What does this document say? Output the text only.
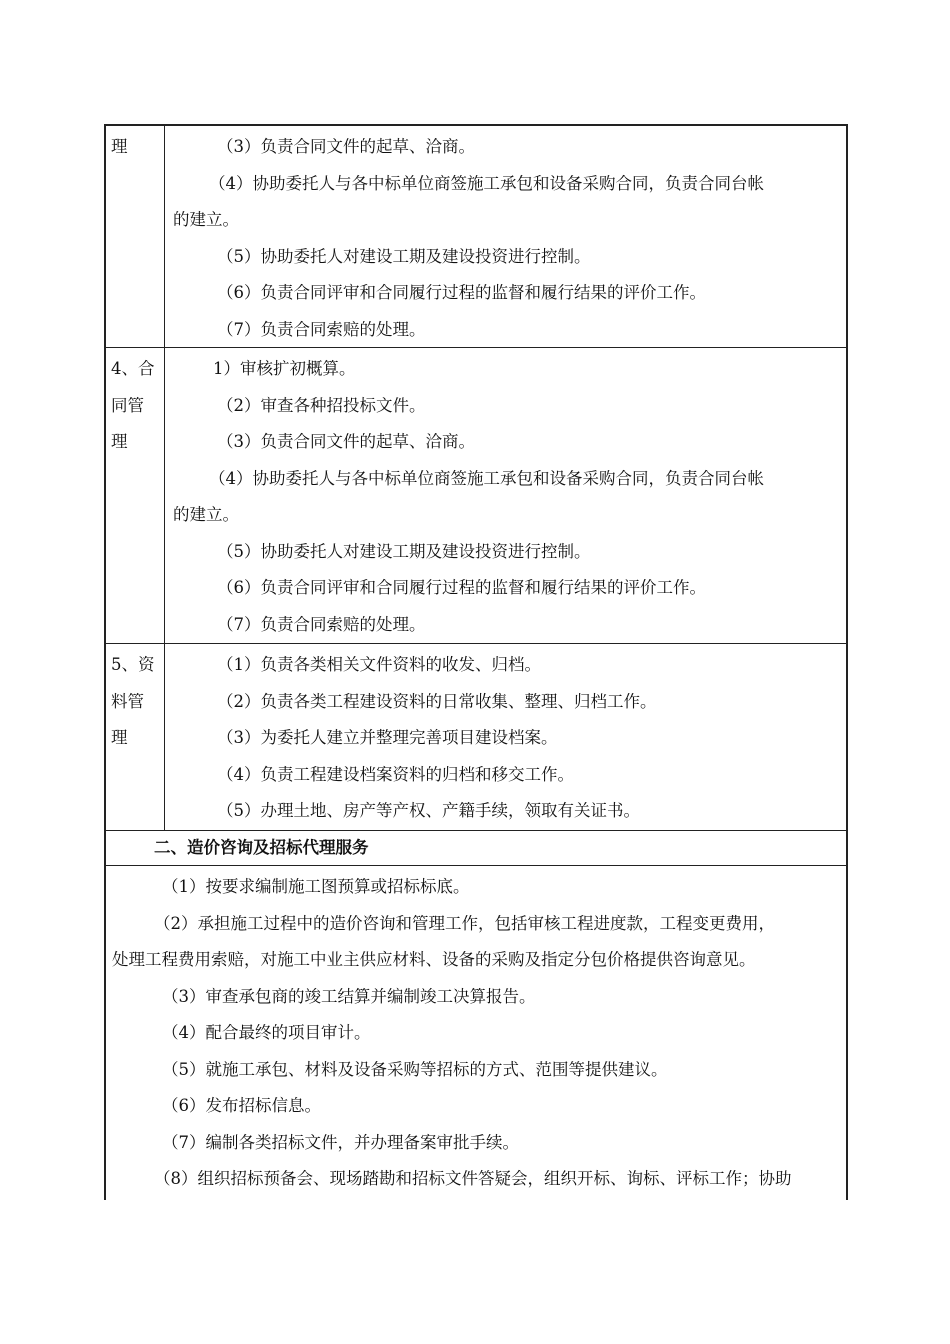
理	（3）负责合同文件的起草、洽商。
（4）协助委托人与各中标单位商签施工承包和设备采购合同，负责合同台帐
的建立。
（5）协助委托人对建设工期及建设投资进行控制。
（6）负责合同评审和合同履行过程的监督和履行结果的评价工作。
（7）负责合同索赔的处理。
4、合
同管
理
1）审核扩初概算。
（2）审查各种招投标文件。
（3）负责合同文件的起草、洽商。
（4）协助委托人与各中标单位商签施工承包和设备采购合同，负责合同台帐
的建立。
（5）协助委托人对建设工期及建设投资进行控制。
（6）负责合同评审和合同履行过程的监督和履行结果的评价工作。
（7）负责合同索赔的处理。
5、资
料管
理
（1）负责各类相关文件资料的收发、归档。
（2）负责各类工程建设资料的日常收集、整理、归档工作。
（3）为委托人建立并整理完善项目建设档案。
（4）负责工程建设档案资料的归档和移交工作。
（5）办理土地、房产等产权、产籍手续，领取有关证书。
二、造价咨询及招标代理服务
（1）按要求编制施工图预算或招标标底。
（2）承担施工过程中的造价咨询和管理工作，包括审核工程进度款，工程变更费用，
处理工程费用索赔，对施工中业主供应材料、设备的采购及指定分包价格提供咨询意见。
（3）审查承包商的竣工结算并编制竣工决算报告。
（4）配合最终的项目审计。
（5）就施工承包、材料及设备采购等招标的方式、范围等提供建议。
（6）发布招标信息。
（7）编制各类招标文件，并办理备案审批手续。
（8）组织招标预备会、现场踏勘和招标文件答疑会，组织开标、询标、评标工作；协助
